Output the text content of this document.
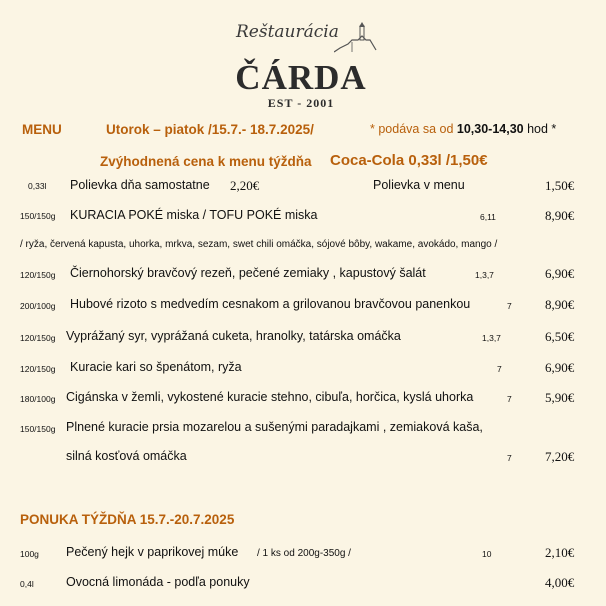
Reštaurácia
ČÁRDA
EST - 2001
MENU	Utorok – piatok /15.7.- 18.7.2025/	* podáva sa od 10,30-14,30 hod *
Zvýhodnená cena k menu týždňa Coca-Cola 0,33l /1,50€
0,33l Polievka dňa samostatne 2,20€	Polievka v menu	1,50€
150/150g KURACIA POKÉ miska / TOFU POKÉ miska	6,11	8,90€
/ ryža, červená kapusta, uhorka, mrkva, sezam, swet chili omáčka, sójové bôby, wakame, avokádo, mango /
120/150g Čiernohorský bravčový rezeň, pečené zemiaky , kapustový šalát	1,3,7	6,90€
200/100g Hubové rizoto s medvedím cesnakom a grilovanou bravčovou panenkou	7	8,90€
120/150g Vyprážaný syr, vyprážaná cuketa, hranolky, tatárska omáčka	1,3,7	6,50€
120/150g Kuracie kari so špenátom, ryža	7	6,90€
180/100g Cigánska v žemli, vykostené kuracie stehno, cibuľa, horčica, kyslá uhorka	7	5,90€
150/150g Plnené kuracie prsia mozarelou a sušenými paradajkami , zemiaková kaša,
silná kosťová omáčka	7	7,20€
PONUKA TÝŽDŇA 15.7.-20.7.2025
100g Pečený hejk v paprikovej múke / 1 ks od 200g-350g /	10	2,10€
0,4l	Ovocná limonáda - podľa ponuky	4,00€
